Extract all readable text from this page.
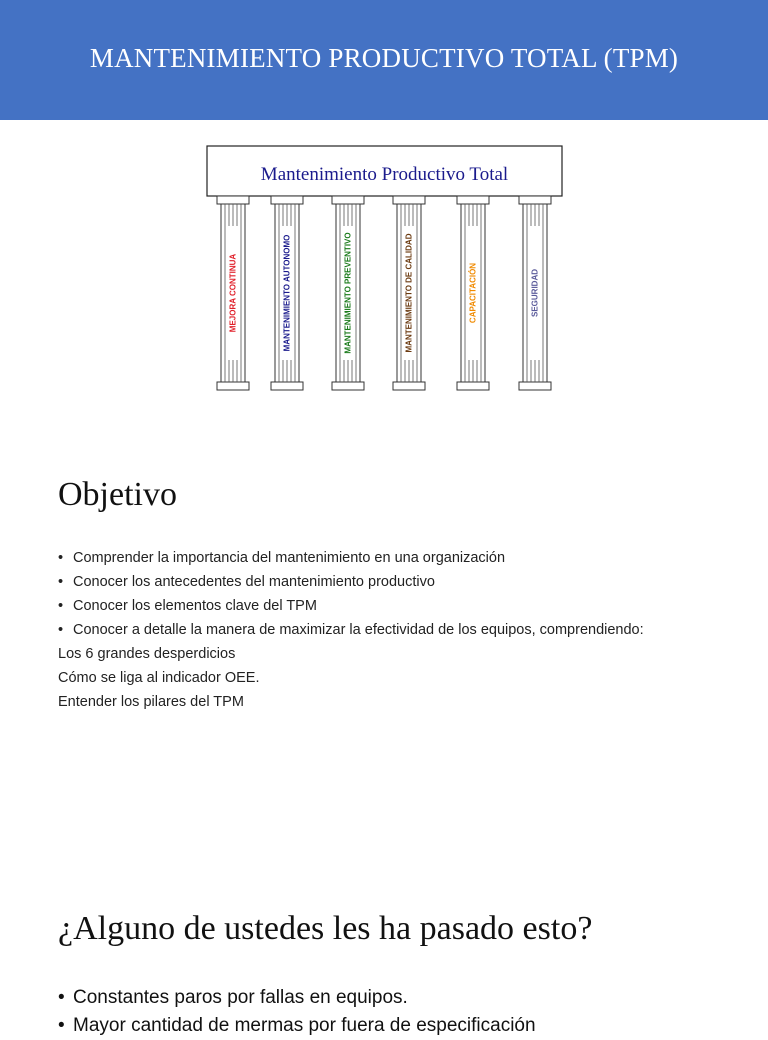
MANTENIMIENTO PRODUCTIVO TOTAL (TPM)
Mantenimiento Productivo Total
MEJORA CONTINUA	MANTENIMIENTO AUTONOMO	MANTENIMIENTO PREVENTIVO	MANTENIMIENTO DE CALIDAD	CAPACITACIÓN	SEGURIDAD
Objetivo
• Comprender la importancia del mantenimiento en una organización
• Conocer los antecedentes del mantenimiento productivo
• Conocer los elementos clave del TPM
• Conocer a detalle la manera de maximizar la efectividad de los equipos, comprendiendo:
Los 6 grandes desperdicios
Cómo se liga al indicador OEE.
Entender los pilares del TPM
¿Alguno de ustedes les ha pasado esto?
• Constantes paros por fallas en equipos.
• Mayor cantidad de mermas por fuera de especificación
